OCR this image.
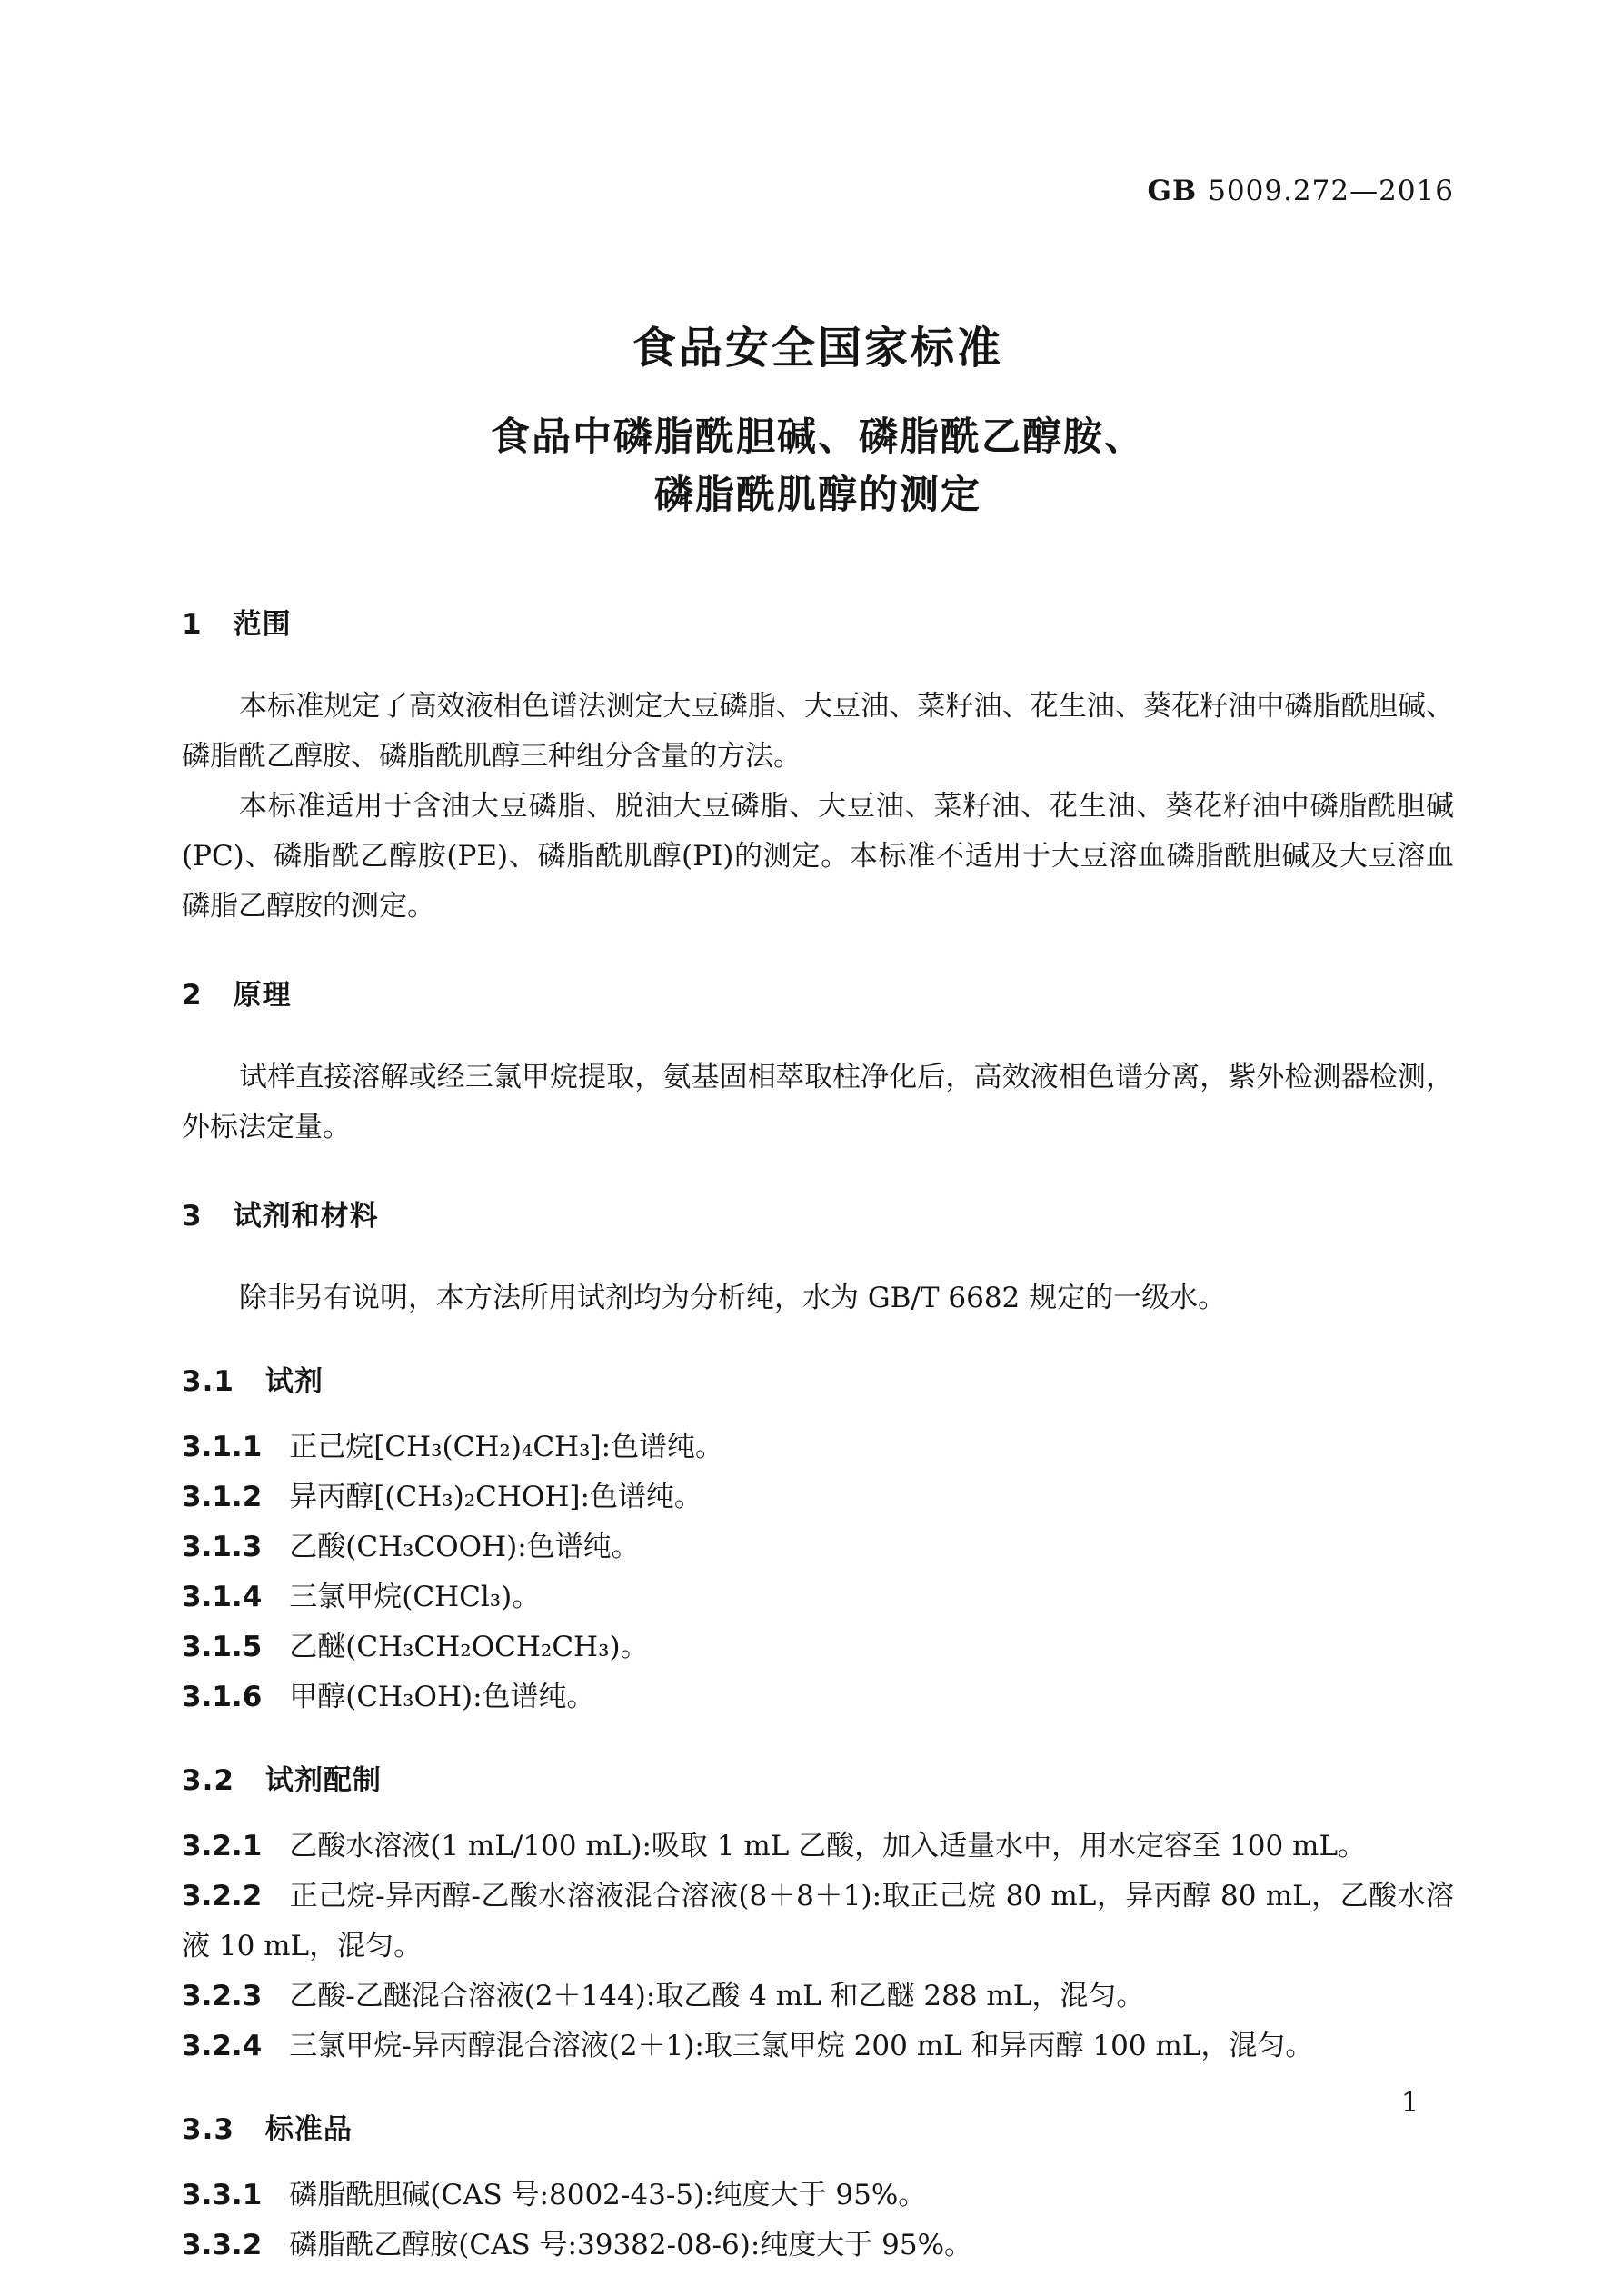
GB 5009.272—2016
食品安全国家标准
食品中磷脂酰胆碱、磷脂酰乙醇胺、
磷脂酰肌醇的测定
1 范围

本标准规定了高效液相色谱法测定大豆磷脂、大豆油、菜籽油、花生油、葵花籽油中磷脂酰胆碱、磷脂酰乙醇胺、磷脂酰肌醇三种组分含量的方法。

本标准适用于含油大豆磷脂、脱油大豆磷脂、大豆油、菜籽油、花生油、葵花籽油中磷脂酰胆碱(PC)、磷脂酰乙醇胺(PE)、磷脂酰肌醇(PI)的测定。本标准不适用于大豆溶血磷脂酰胆碱及大豆溶血磷脂乙醇胺的测定。

2 原理

试样直接溶解或经三氯甲烷提取，氨基固相萃取柱净化后，高效液相色谱分离，紫外检测器检测，外标法定量。

3 试剂和材料

除非另有说明，本方法所用试剂均为分析纯，水为 GB/T 6682 规定的一级水。

3.1 试剂

3.1.1 正己烷[CH₃(CH₂)₄CH₃]:色谱纯。

3.1.2 异丙醇[(CH₃)₂CHOH]:色谱纯。

3.1.3 乙酸(CH₃COOH):色谱纯。

3.1.4 三氯甲烷(CHCl₃)。

3.1.5 乙醚(CH₃CH₂OCH₂CH₃)。

3.1.6 甲醇(CH₃OH):色谱纯。

3.2 试剂配制

3.2.1 乙酸水溶液(1 mL/100 mL):吸取 1 mL 乙酸，加入适量水中，用水定容至 100 mL。

3.2.2 正己烷-异丙醇-乙酸水溶液混合溶液(8＋8＋1):取正己烷 80 mL，异丙醇 80 mL，乙酸水溶液 10 mL，混匀。

3.2.3 乙酸-乙醚混合溶液(2＋144):取乙酸 4 mL 和乙醚 288 mL，混匀。

3.2.4 三氯甲烷-异丙醇混合溶液(2＋1):取三氯甲烷 200 mL 和异丙醇 100 mL，混匀。

3.3 标准品

3.3.1 磷脂酰胆碱(CAS 号:8002-43-5):纯度大于 95%。

3.3.2 磷脂酰乙醇胺(CAS 号:39382-08-6):纯度大于 95%。

1
